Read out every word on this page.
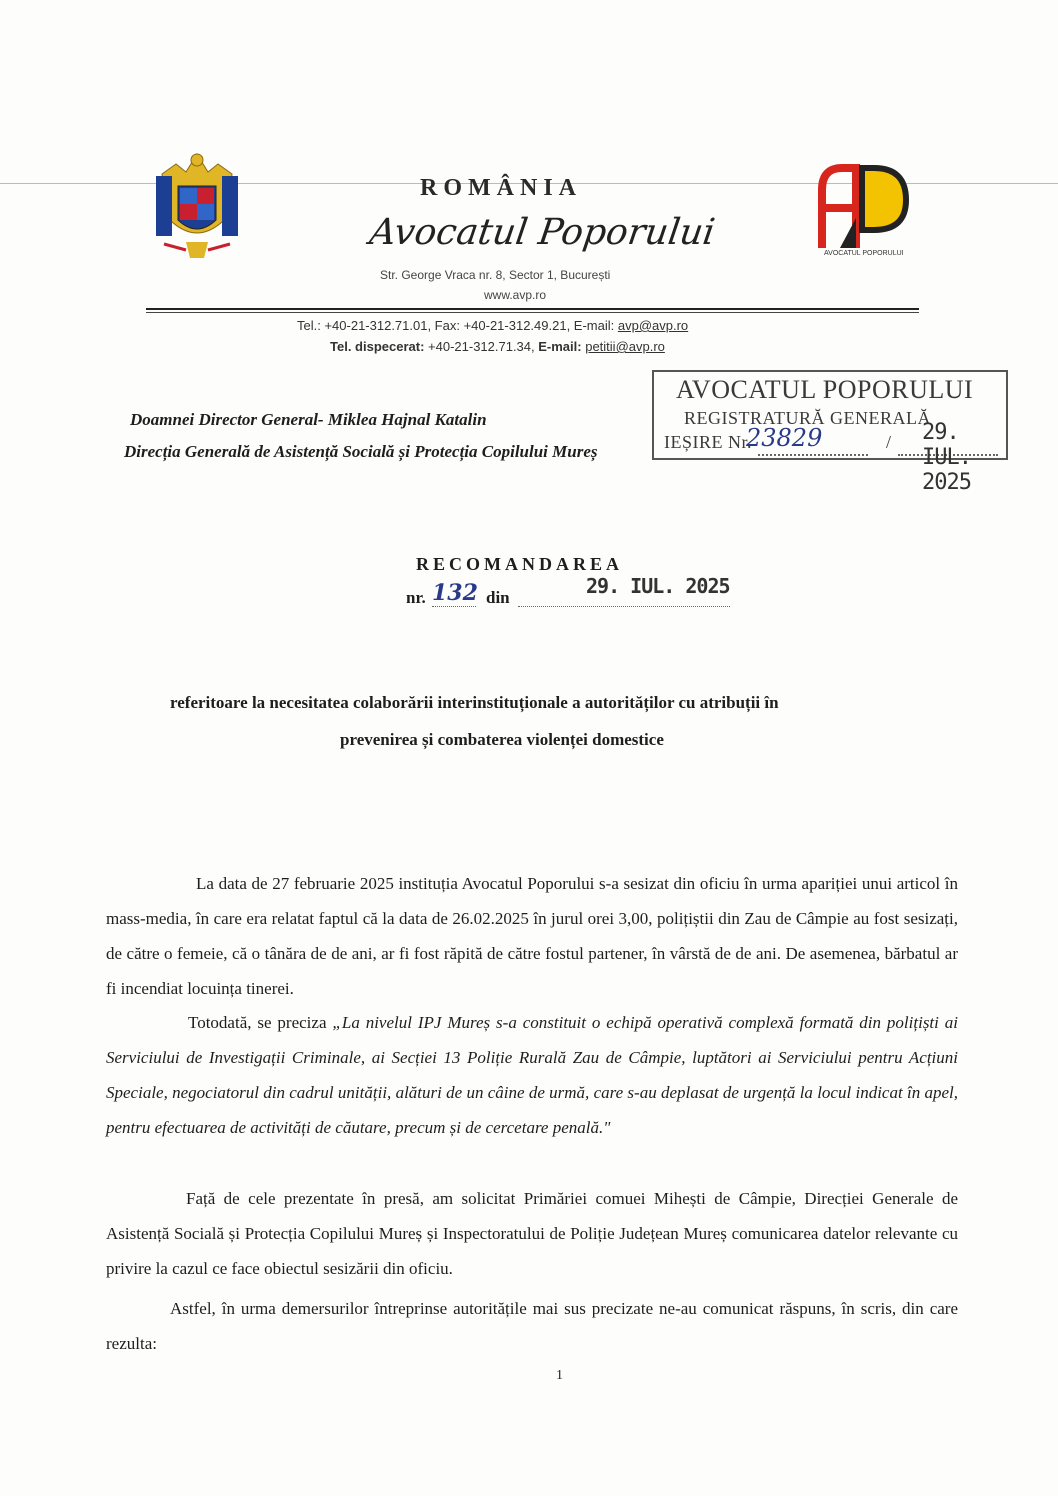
AVOCATUL POPORULUI
ROMÂNIA
Avocatul Poporului
Str. George Vraca nr. 8, Sector 1, București
www.avp.ro
Tel.: +40-21-312.71.01, Fax: +40-21-312.49.21, E-mail: avp@avp.ro
Tel. dispecerat: +40-21-312.71.34, E-mail: petitii@avp.ro
AVOCATUL POPORULUI
REGISTRATURĂ GENERALĂ
IEȘIRE Nr.
23829	/ 29. IUL. 2025
Doamnei Director General- Miklea Hajnal Katalin
Direcția Generală de Asistență Socială și Protecția Copilului Mureș
RECOMANDAREA
nr. 132 din	29. IUL. 2025
referitoare la necesitatea colaborării interinstituționale a autorităților cu atribuții în
prevenirea și combaterea violenței domestice
La data de 27 februarie 2025 instituția Avocatul Poporului s-a sesizat din oficiu în urma apariției unui articol în mass-media, în care era relatat faptul că la data de 26.02.2025 în jurul orei 3,00, polițiștii din Zau de Câmpie au fost sesizați, de către o femeie, că o tânăra de de ani, ar fi fost răpită de către fostul partener, în vârstă de de ani. De asemenea, bărbatul ar fi incendiat locuința tinerei.
Totodată, se preciza „La nivelul IPJ Mureș s-a constituit o echipă operativă complexă formată din polițiști ai Serviciului de Investigații Criminale, ai Secției 13 Poliție Rurală Zau de Câmpie, luptători ai Serviciului pentru Acțiuni Speciale, negociatorul din cadrul unității, alături de un câine de urmă, care s-au deplasat de urgență la locul indicat în apel, pentru efectuarea de activități de căutare, precum și de cercetare penală."
Față de cele prezentate în presă, am solicitat Primăriei comuei Mihești de Câmpie, Direcției Generale de Asistență Socială și Protecția Copilului Mureș și Inspectoratului de Poliție Județean Mureș comunicarea datelor relevante cu privire la cazul ce face obiectul sesizării din oficiu.
Astfel, în urma demersurilor întreprinse autoritățile mai sus precizate ne-au comunicat răspuns, în scris, din care rezulta:
1
